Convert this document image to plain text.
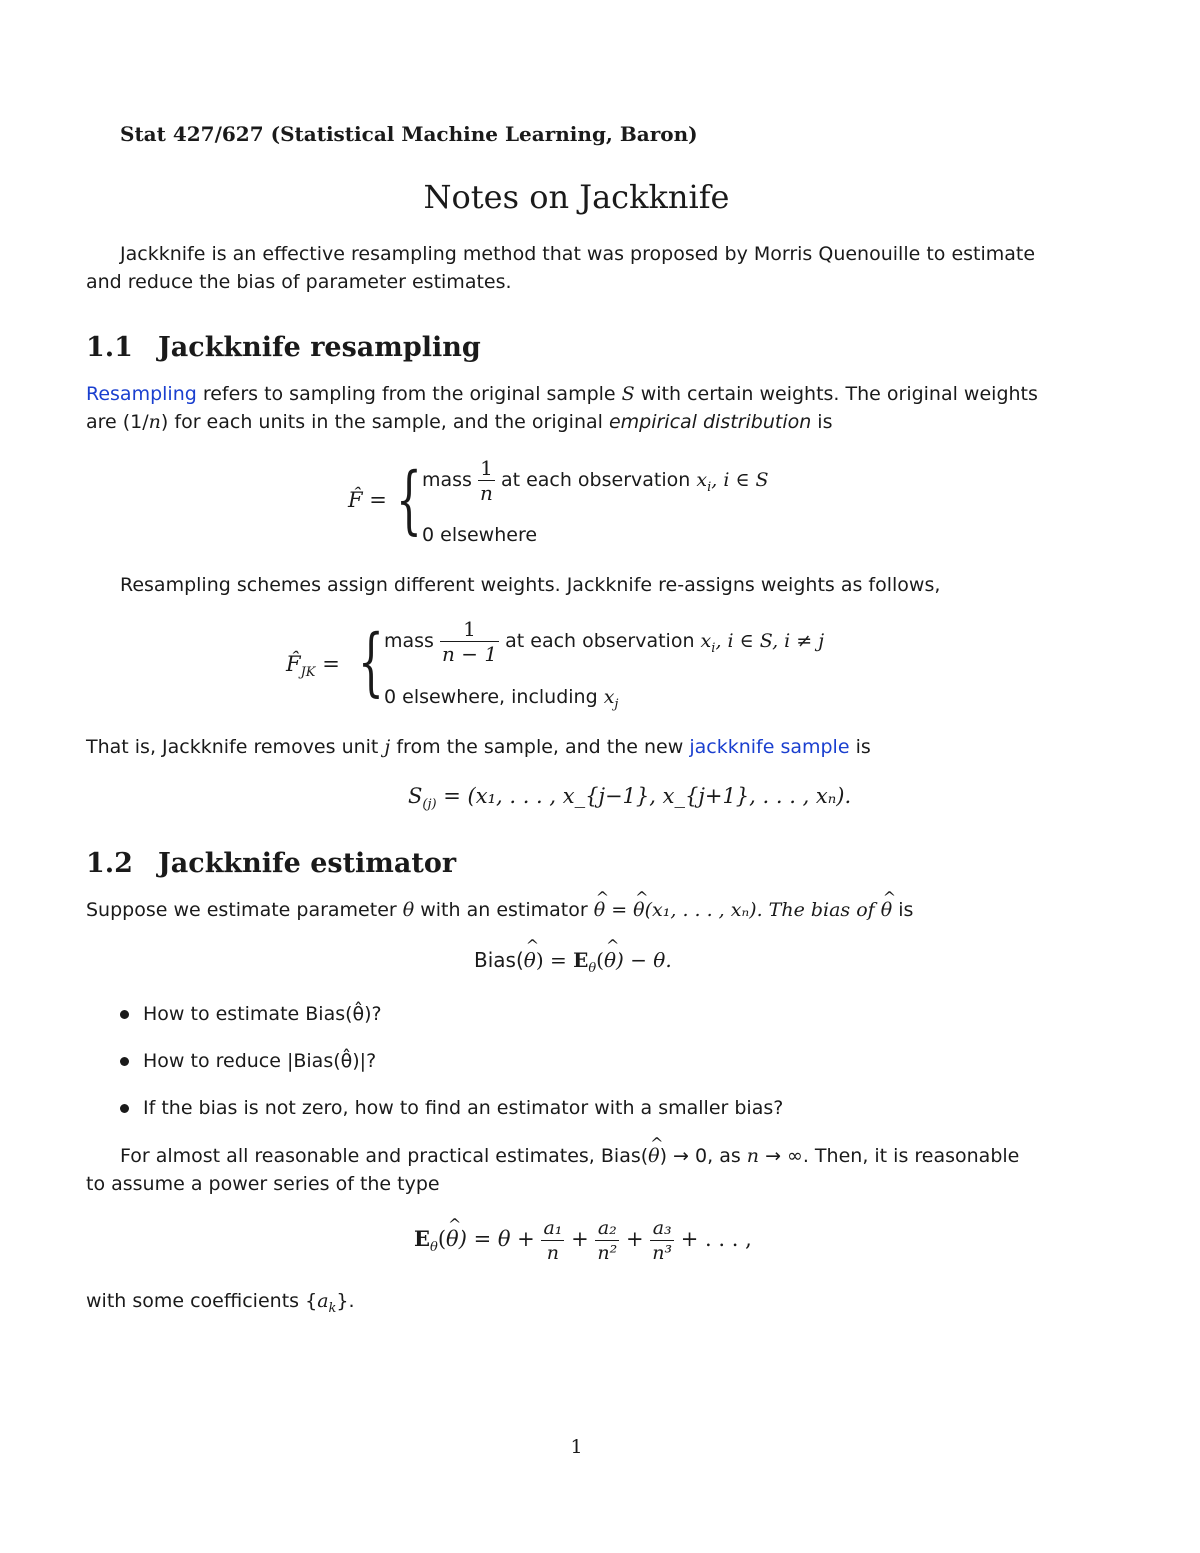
Stat 427/627 (Statistical Machine Learning, Baron)
Notes on Jackknife
Jackknife is an effective resampling method that was proposed by Morris Quenouille to estimate
and reduce the bias of parameter estimates.
1.1 Jackknife resampling
Resampling refers to sampling from the original sample S with certain weights. The original weights
are (1/n) for each units in the sample, and the original empirical distribution is
F̂ = { mass $\frac{1}{n}$ at each observation $x_i$, i ∈ S
0 elsewhere
Resampling schemes assign different weights. Jackknife re-assigns weights as follows,
$F̂_{JK}$ = { mass $\frac{1}{n - 1}$ at each observation $x_i$, i ∈ S, i ≠ j
0 elsewhere, including $x_j$
That is, Jackknife removes unit j from the sample, and the new jackknife sample is
$S_{(j)} = (x_1$, . . . , x_{j−1}, x_{j+1}, . . . , xₙ).
1.2 Jackknife estimator
Suppose we estimate parameter θ with an estimator ^ θ = ^ θ(x₁, . . . , xₙ). The bias of ^ θ is
Bias(^ $\theta) = E_\theta(\^{}$ θ) − θ.
How to estimate Bias(θ̂)?
How to reduce |Bias(θ̂)|?
If the bias is not zero, how to find an estimator with a smaller bias?
For almost all reasonable and practical estimates, Bias(^ θ) → 0, as n → ∞. Then, it is reasonable
to assume a power series of the type
$E_\theta(\^{}$ $\theta) = \theta + \frac{\text{a₁}}{n} + \frac{\text{a₂}}{\text{n²}} + \frac{\text{a₃}}{\text{n³}}$ + . . . ,
with some coefficients $\{a_k\}$.
1
